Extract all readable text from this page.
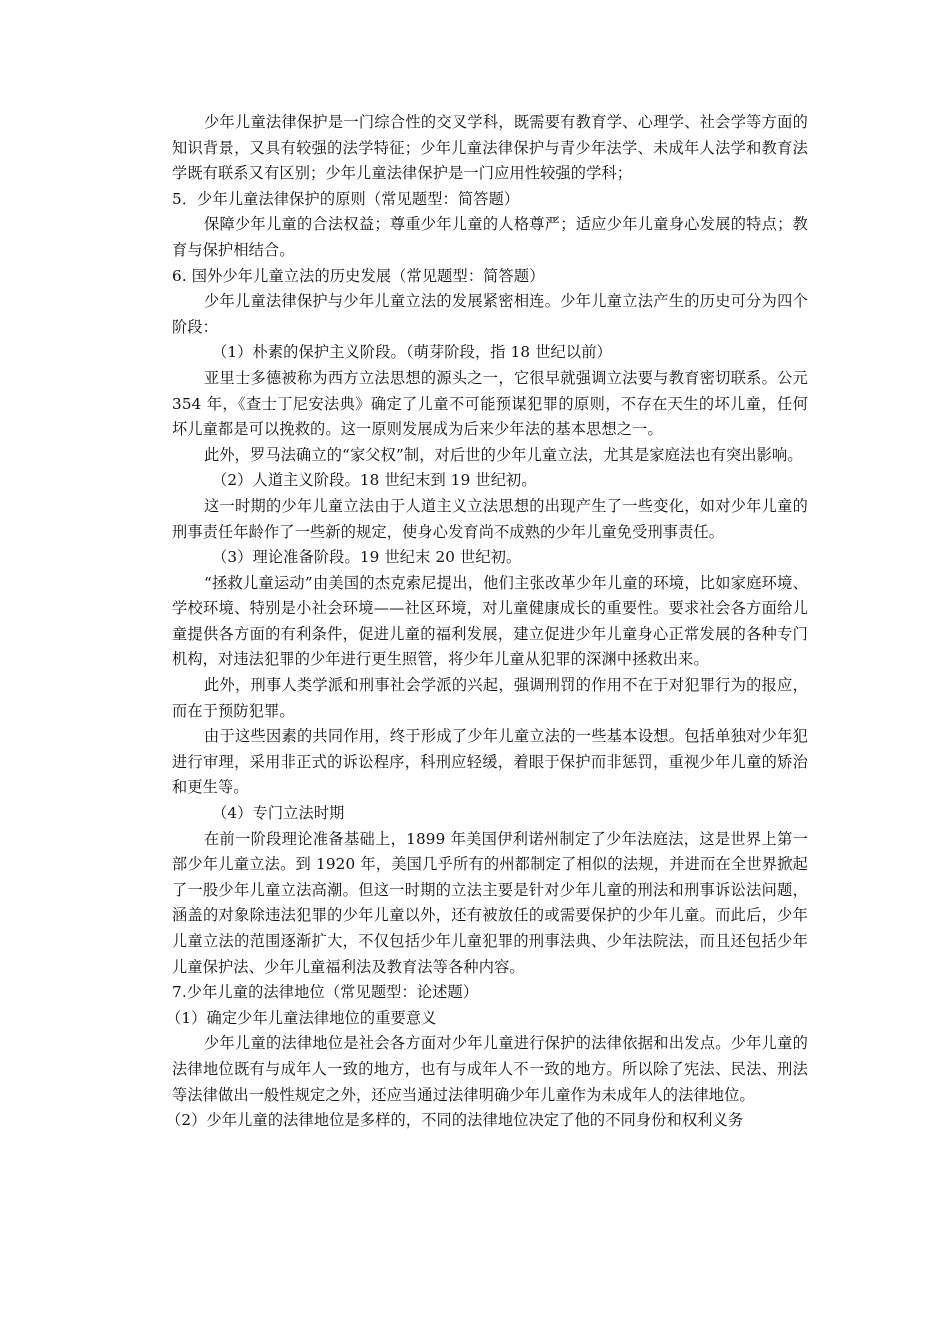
少年儿童法律保护是一门综合性的交叉学科，既需要有教育学、心理学、社会学等方面的知识背景，又具有较强的法学特征；少年儿童法律保护与青少年法学、未成年人法学和教育法学既有联系又有区别；少年儿童法律保护是一门应用性较强的学科；

5．少年儿童法律保护的原则（常见题型：简答题）

保障少年儿童的合法权益；尊重少年儿童的人格尊严；适应少年儿童身心发展的特点；教育与保护相结合。

6. 国外少年儿童立法的历史发展（常见题型：简答题）

少年儿童法律保护与少年儿童立法的发展紧密相连。少年儿童立法产生的历史可分为四个阶段：

（1）朴素的保护主义阶段。（萌芽阶段，指 18 世纪以前）

亚里士多德被称为西方立法思想的源头之一，它很早就强调立法要与教育密切联系。公元 354 年，《查士丁尼安法典》确定了儿童不可能预谋犯罪的原则，不存在天生的坏儿童，任何坏儿童都是可以挽救的。这一原则发展成为后来少年法的基本思想之一。

此外，罗马法确立的“家父权”制，对后世的少年儿童立法，尤其是家庭法也有突出影响。

（2）人道主义阶段。18 世纪末到 19 世纪初。

这一时期的少年儿童立法由于人道主义立法思想的出现产生了一些变化，如对少年儿童的刑事责任年龄作了一些新的规定，使身心发育尚不成熟的少年儿童免受刑事责任。

（3）理论准备阶段。19 世纪末 20 世纪初。

“拯救儿童运动”由美国的杰克索尼提出，他们主张改革少年儿童的环境，比如家庭环境、学校环境、特别是小社会环境——社区环境，对儿童健康成长的重要性。要求社会各方面给儿童提供各方面的有利条件，促进儿童的福利发展，建立促进少年儿童身心正常发展的各种专门机构，对违法犯罪的少年进行更生照管，将少年儿童从犯罪的深渊中拯救出来。

此外，刑事人类学派和刑事社会学派的兴起，强调刑罚的作用不在于对犯罪行为的报应，而在于预防犯罪。

由于这些因素的共同作用，终于形成了少年儿童立法的一些基本设想。包括单独对少年犯进行审理，采用非正式的诉讼程序，科刑应轻缓，着眼于保护而非惩罚，重视少年儿童的矫治和更生等。

（4）专门立法时期

在前一阶段理论准备基础上，1899 年美国伊利诺州制定了少年法庭法，这是世界上第一部少年儿童立法。到 1920 年，美国几乎所有的州都制定了相似的法规，并进而在全世界掀起了一股少年儿童立法高潮。但这一时期的立法主要是针对少年儿童的刑法和刑事诉讼法问题，涵盖的对象除违法犯罪的少年儿童以外，还有被放任的或需要保护的少年儿童。而此后，少年儿童立法的范围逐渐扩大，不仅包括少年儿童犯罪的刑事法典、少年法院法，而且还包括少年儿童保护法、少年儿童福利法及教育法等各种内容。

7.少年儿童的法律地位（常见题型：论述题）

（1）确定少年儿童法律地位的重要意义

少年儿童的法律地位是社会各方面对少年儿童进行保护的法律依据和出发点。少年儿童的法律地位既有与成年人一致的地方，也有与成年人不一致的地方。所以除了宪法、民法、刑法等法律做出一般性规定之外，还应当通过法律明确少年儿童作为未成年人的法律地位。

（2）少年儿童的法律地位是多样的，不同的法律地位决定了他的不同身份和权利义务
